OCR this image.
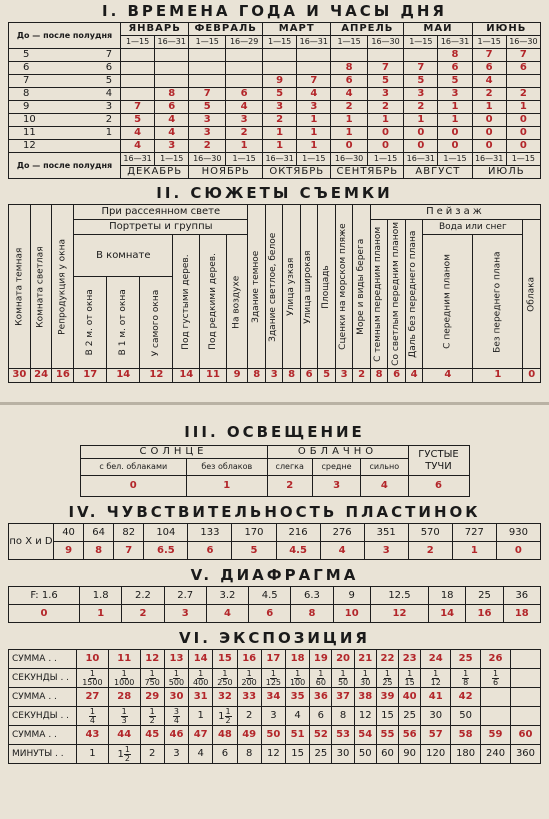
I. ВРЕМЕНА ГОДА И ЧАСЫ ДНЯ
До — после полудня		ЯНВАРЬ		ФЕВРАЛЬ		МАРТ		АПРЕЛЬ		МАЙ		ИЮНЬ	
		1—15	16—31	1—15	16—29	1—15	16—31	1—15	16—30	1—15	16—31	1—15	16—30
5	7										8	7	7
6	6							8	7	7	6	6	6
7	5					9	7	6	5	5	5	4	
8	4		8	7	6	5	4	4	3	3	3	2	2
9	3	7	6	5	4	3	3	2	2	2	1	1	1
10	2	5	4	3	3	2	1	1	1	1	1	0	0
11	1	4	4	3	2	1	1	1	0	0	0	0	0
12		4	3	2	1	1	1	0	0	0	0	0	0
До — после полудня		16—31	1—15	16—30	1—15	16—31	1—15	16—30	1—15	16—31	1—15	16—31	1—15
		ДЕКАБРЬ		НОЯБРЬ		ОКТЯБРЬ		СЕНТЯБРЬ		АВГУСТ		ИЮЛЬ	
II. СЮЖЕТЫ СЪЕМКИ
Комната темная	Комната светлая	Репродукция у окна	При рассеянном свете						Здание темное	Здание светлое, белое	Улица узкая	Улица широкая	Площадь	Сценки на морском пляже	Море и виды берега	Пейзаж					
			Портреты и группы													С темным передним планом	Со светлым передним планом	Даль без переднего плана	Вода или снег		Облака
			В комнате			Под густыми дерев.	Под редкими дерев.	На воздухе											С передним планом	Без переднего плана	
			В 2 м. от окна	В 1 м. от окна	У самого окна																
30	24	16	17	14	12	14	11	9	8	3	8	6	5	3	2	8	6	4	4	1	0
III. ОСВЕЩЕНИЕ
СОЛНЦЕ		ОБЛАЧНО			ГУСТЫЕ ТУЧИ
с бел. облаками	без облаков	слегка	средне	сильно	
0	1	2	3	4	6
IV. ЧУВСТВИТЕЛЬНОСТЬ ПЛАСТИНОК
по Х и D	40	64	82	104	133	170	216	276	351	570	727	930
	9	8	7	6.5	6	5	4.5	4	3	2	1	0
V. ДИАФРАГМА
F: 1.6	1.8	2.2	2.7	3.2	4.5	6.3	9	12.5	18	25	36
0	1	2	3	4	6	8	10	12	14	16	18
VI. ЭКСПОЗИЦИЯ
СУММА . .	10	11	12	13	14	15	16	17	18	19	20	21	22	23	24	25	26	
СЕКУНДЫ . .	$\frac{1}{1500}$	$\frac{1}{1000}$	$\frac{1}{750}$	$\frac{1}{500}$	$\frac{1}{400}$	$\frac{1}{250}$	$\frac{1}{200}$	$\frac{1}{125}$	$\frac{1}{100}$	$\frac{1}{60}$	$\frac{1}{50}$	$\frac{1}{30}$	$\frac{1}{25}$	$\frac{1}{15}$	$\frac{1}{12}$	$\frac{1}{8}$	$\frac{1}{6}$

СУММА . .	27	28	29	30	31	32	33	34	35	36	37	38	39	40	41	42		
СЕКУНДЫ . .	$\frac{1}{4}$	$\frac{1}{3}$	$\frac{1}{2}$	$\frac{3}{4}$	1	$1 \frac{1}{2}$	2	3	4	6	8	12	15	25	30	50		
СУММА . .	43	44	45	46	47	48	49	50	51	52	53	54	55	56	57	58	59	60
МИНУТЫ . .	1	$1 \frac{1}{2}$	2	3	4	6	8	12	15	25	30	50	60	90	120	180	240	360
